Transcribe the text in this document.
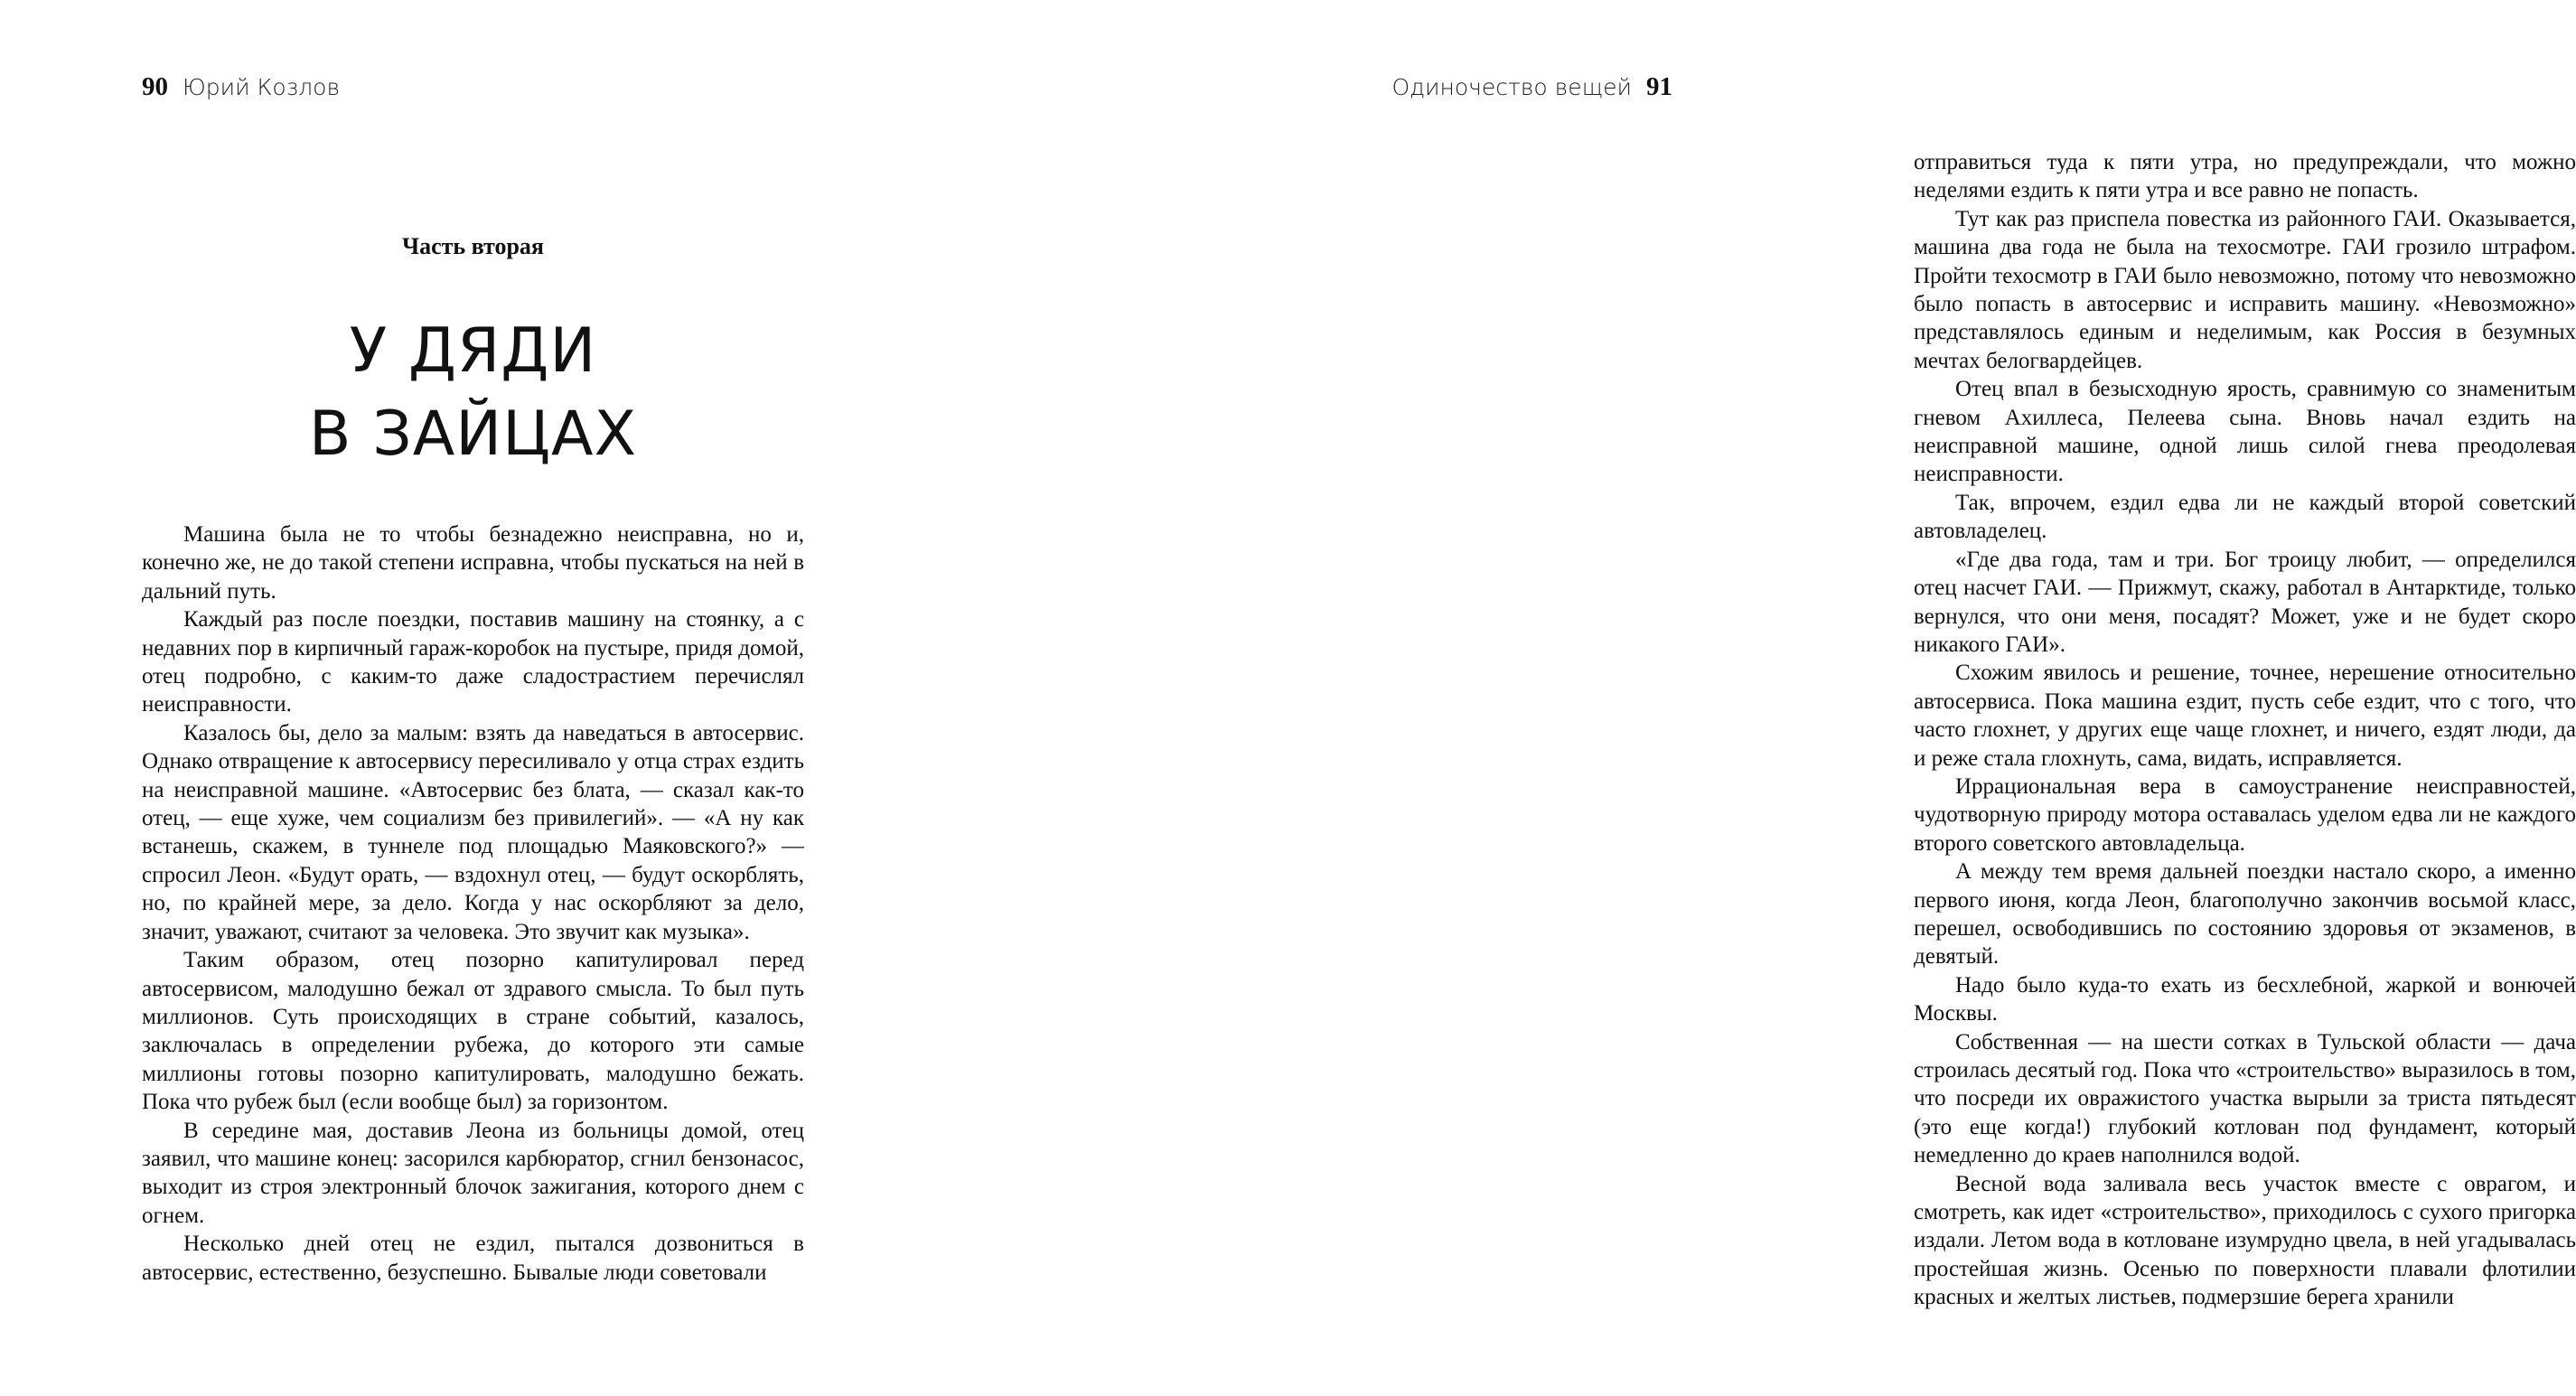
90 Юрий Козлов
Часть вторая
У ДЯДИ
В ЗАЙЦАХ

Машина была не то чтобы безнадежно неисправна, но и, конечно же, не до такой степени исправна, чтобы пускаться на ней в дальний путь.

Каждый раз после поездки, поставив машину на стоянку, а с недавних пор в кирпичный гараж-коробок на пустыре, придя домой, отец подробно, с каким-то даже сладострастием перечислял неисправности.

Казалось бы, дело за малым: взять да наведаться в автосервис. Однако отвращение к автосервису пересиливало у отца страх ездить на неисправной машине. «Автосервис без блата, — сказал как-то отец, — еще хуже, чем социализм без привилегий». — «А ну как встанешь, скажем, в туннеле под площадью Маяковского?» — спросил Леон. «Будут орать, — вздохнул отец, — будут оскорблять, но, по крайней мере, за дело. Когда у нас оскорбляют за дело, значит, уважают, считают за человека. Это звучит как музыка».

Таким образом, отец позорно капитулировал перед автосервисом, малодушно бежал от здравого смысла. То был путь миллионов. Суть происходящих в стране событий, казалось, заключалась в определении рубежа, до которого эти самые миллионы готовы позорно капитулировать, малодушно бежать. Пока что рубеж был (если вообще был) за горизонтом.

В середине мая, доставив Леона из больницы домой, отец заявил, что машине конец: засорился карбюратор, сгнил бензонасос, выходит из строя электронный блочок зажигания, которого днем с огнем.

Несколько дней отец не ездил, пытался дозвониться в автосервис, естественно, безуспешно. Бывалые люди советовали

Одиночество вещей 91

отправиться туда к пяти утра, но предупреждали, что можно неделями ездить к пяти утра и все равно не попасть.

Тут как раз приспела повестка из районного ГАИ. Оказывается, машина два года не была на техосмотре. ГАИ грозило штрафом. Пройти техосмотр в ГАИ было невозможно, потому что невозможно было попасть в автосервис и исправить машину. «Невозможно» представлялось единым и неделимым, как Россия в безумных мечтах белогвардейцев.

Отец впал в безысходную ярость, сравнимую со знаменитым гневом Ахиллеса, Пелеева сына. Вновь начал ездить на неисправной машине, одной лишь силой гнева преодолевая неисправности.

Так, впрочем, ездил едва ли не каждый второй советский автовладелец.

«Где два года, там и три. Бог троицу любит, — определился отец насчет ГАИ. — Прижмут, скажу, работал в Антарктиде, только вернулся, что они меня, посадят? Может, уже и не будет скоро никакого ГАИ».

Схожим явилось и решение, точнее, нерешение относительно автосервиса. Пока машина ездит, пусть себе ездит, что с того, что часто глохнет, у других еще чаще глохнет, и ничего, ездят люди, да и реже стала глохнуть, сама, видать, исправляется.

Иррациональная вера в самоустранение неисправностей, чудотворную природу мотора оставалась уделом едва ли не каждого второго советского автовладельца.

А между тем время дальней поездки настало скоро, а именно первого июня, когда Леон, благополучно закончив восьмой класс, перешел, освободившись по состоянию здоровья от экзаменов, в девятый.

Надо было куда-то ехать из бесхлебной, жаркой и вонючей Москвы.

Собственная — на шести сотках в Тульской области — дача строилась десятый год. Пока что «строительство» выразилось в том, что посреди их овражистого участка вырыли за триста пятьдесят (это еще когда!) глубокий котлован под фундамент, который немедленно до краев наполнился водой.

Весной вода заливала весь участок вместе с оврагом, и смотреть, как идет «строительство», приходилось с сухого пригорка издали. Летом вода в котловане изумрудно цвела, в ней угадывалась простейшая жизнь. Осенью по поверхности плавали флотилии красных и желтых листьев, подмерзшие берега хранили
